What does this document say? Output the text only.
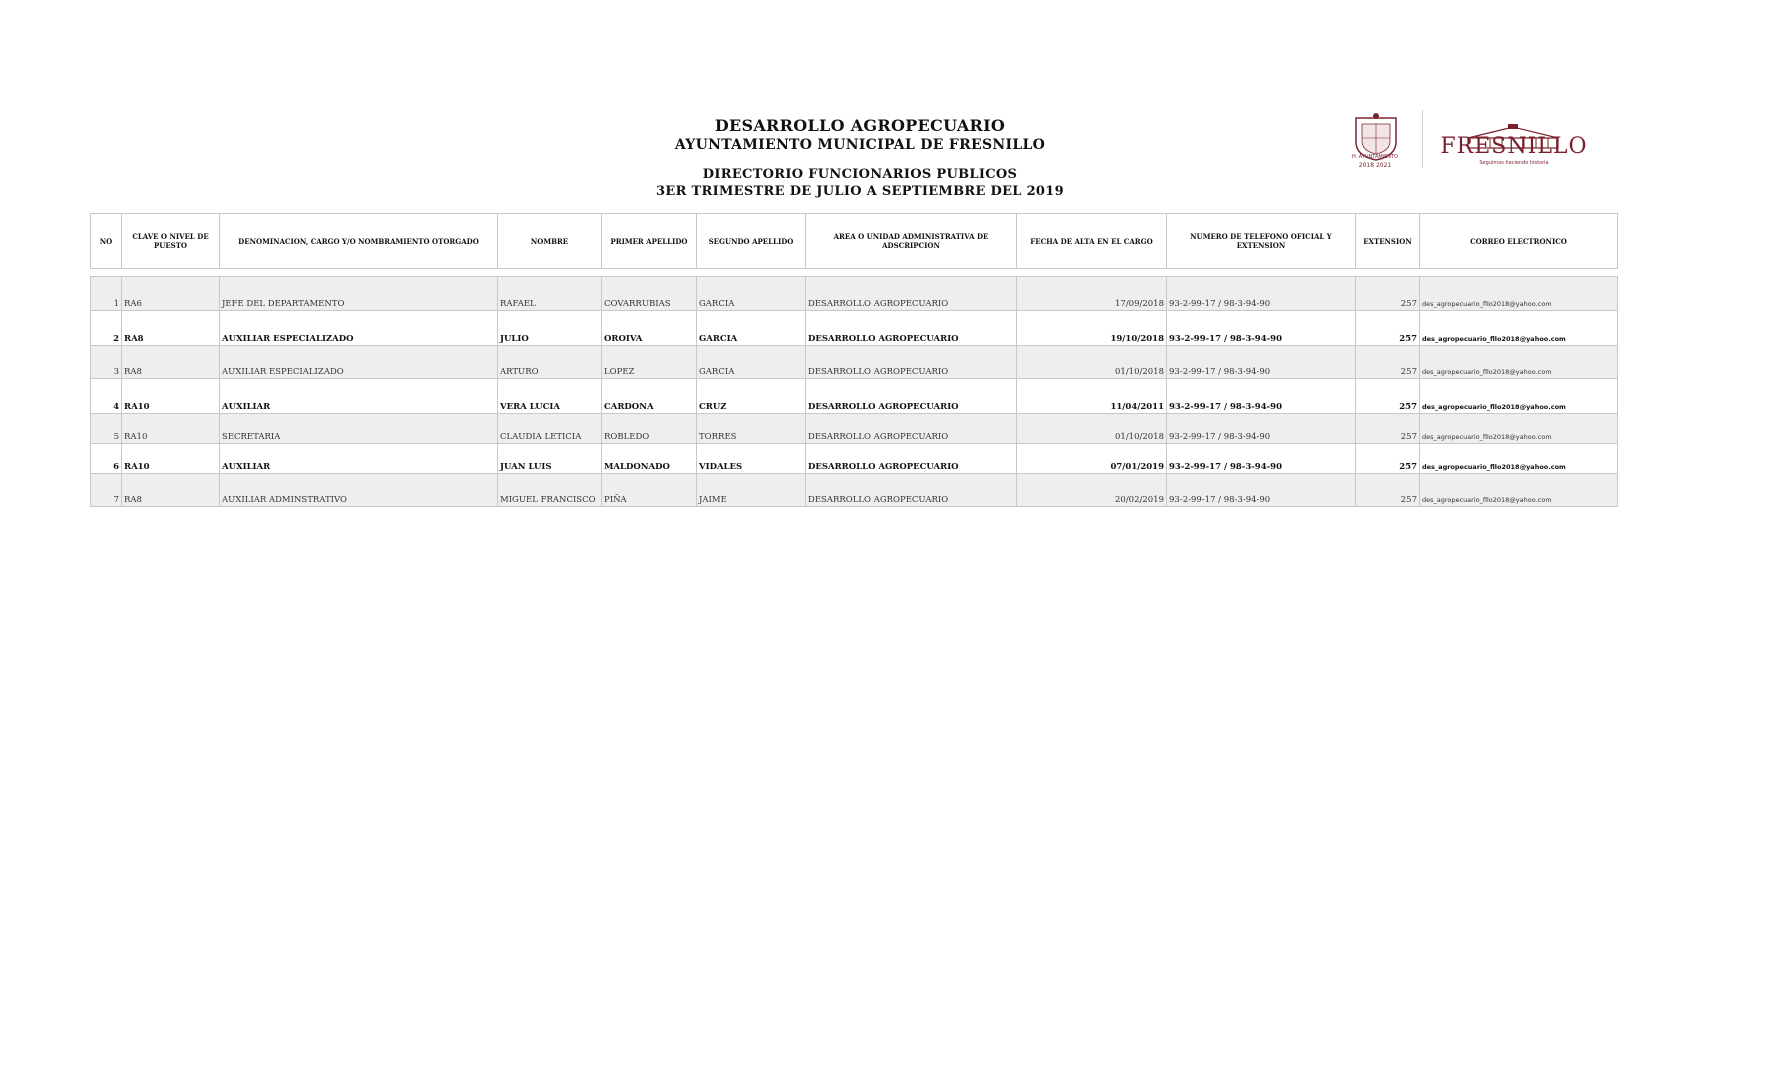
DESARROLLO AGROPECUARIO
AYUNTAMIENTO MUNICIPAL DE FRESNILLO
DIRECTORIO FUNCIONARIOS PUBLICOS
3ER TRIMESTRE DE JULIO A SEPTIEMBRE DEL 2019
H. AYUNTAMIENTO
2018 2021
FRESNILLO
Seguimos haciendo historia
NO	CLAVE O NIVEL DE PUESTO	DENOMINACION, CARGO Y/O NOMBRAMIENTO OTORGADO	NOMBRE	PRIMER APELLIDO	SEGUNDO APELLIDO	AREA O UNIDAD ADMINISTRATIVA DE ADSCRIPCION	FECHA DE ALTA EN EL CARGO	NUMERO DE TELEFONO OFICIAL Y EXTENSION	EXTENSION	CORREO ELECTRONICO

1	RA6	JEFE DEL DEPARTAMENTO	RAFAEL	COVARRUBIAS	GARCIA	DESARROLLO AGROPECUARIO	17/09/2018	93-2-99-17 / 98-3-94-90	257	des_agropecuario_fllo2018@yahoo.com
2	RA8	AUXILIAR ESPECIALIZADO	JULIO	OROIVA	GARCIA	DESARROLLO AGROPECUARIO	19/10/2018	93-2-99-17 / 98-3-94-90	257	des_agropecuario_fllo2018@yahoo.com
3	RA8	AUXILIAR ESPECIALIZADO	ARTURO	LOPEZ	GARCIA	DESARROLLO AGROPECUARIO	01/10/2018	93-2-99-17 / 98-3-94-90	257	des_agropecuario_fllo2018@yahoo.com
4	RA10	AUXILIAR	VERA LUCIA	CARDONA	CRUZ	DESARROLLO AGROPECUARIO	11/04/2011	93-2-99-17 / 98-3-94-90	257	des_agropecuario_fllo2018@yahoo.com
5	RA10	SECRETARIA	CLAUDIA LETICIA	ROBLEDO	TORRES	DESARROLLO AGROPECUARIO	01/10/2018	93-2-99-17 / 98-3-94-90	257	des_agropecuario_fllo2018@yahoo.com
6	RA10	AUXILIAR	JUAN LUIS	MALDONADO	VIDALES	DESARROLLO AGROPECUARIO	07/01/2019	93-2-99-17 / 98-3-94-90	257	des_agropecuario_fllo2018@yahoo.com
7	RA8	AUXILIAR ADMINSTRATIVO	MIGUEL FRANCISCO	PIÑA	JAIME	DESARROLLO AGROPECUARIO	20/02/2019	93-2-99-17 / 98-3-94-90	257	des_agropecuario_fllo2018@yahoo.com
